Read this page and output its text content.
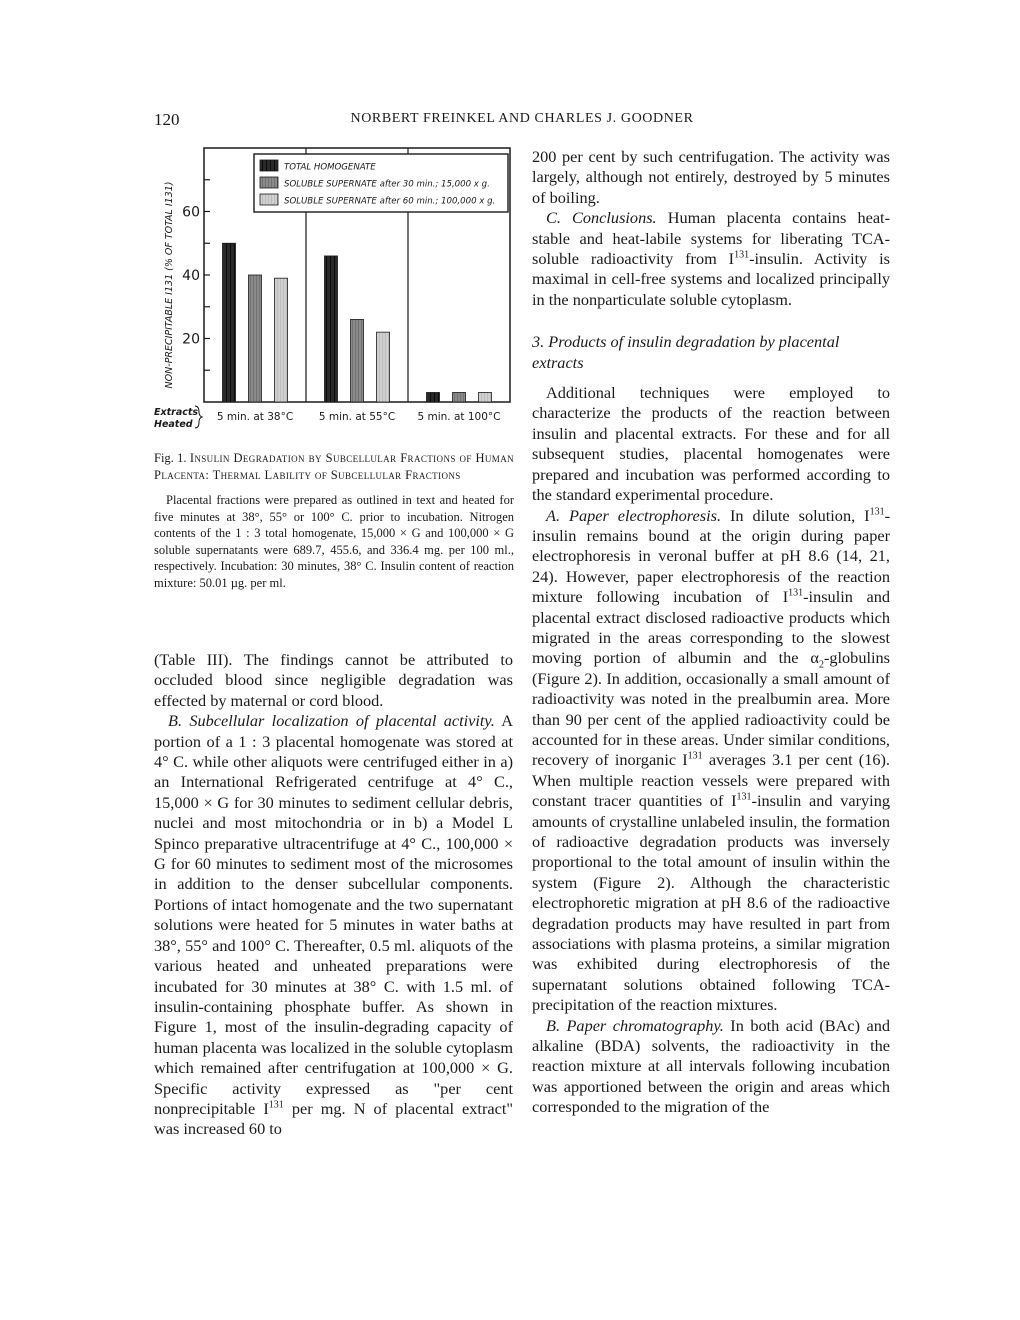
120	NORBERT FREINKEL AND CHARLES J. GOODNER
20
40
60
TOTAL HOMOGENATE
SOLUBLE SUPERNATE after 30 min.; 15,000 x g.
SOLUBLE SUPERNATE after 60 min.; 100,000 x g.
NON-PRECIPITABLE I131 (% OF TOTAL I131)
5 min. at 38°C 5 min. at 55°C 5 min. at 100°C
Extracts
Heated

Fig. 1. Insulin Degradation by Subcellular Fractions of Human Placenta: Thermal Lability of Subcellular Fractions

Placental fractions were prepared as outlined in text and heated for five minutes at 38°, 55° or 100° C. prior to incubation. Nitrogen contents of the 1 : 3 total homogenate, 15,000 × G and 100,000 × G soluble supernatants were 689.7, 455.6, and 336.4 mg. per 100 ml., respectively. Incubation: 30 minutes, 38° C. Insulin content of reaction mixture: 50.01 µg. per ml.

(Table III). The findings cannot be attributed to occluded blood since negligible degradation was effected by maternal or cord blood.

B. Subcellular localization of placental activity. A portion of a 1 : 3 placental homogenate was stored at 4° C. while other aliquots were centrifuged either in a) an International Refrigerated centrifuge at 4° C., 15,000 × G for 30 minutes to sediment cellular debris, nuclei and most mitochondria or in b) a Model L Spinco preparative ultracentrifuge at 4° C., 100,000 × G for 60 minutes to sediment most of the microsomes in addition to the denser subcellular components. Portions of intact homogenate and the two supernatant solutions were heated for 5 minutes in water baths at 38°, 55° and 100° C. Thereafter, 0.5 ml. aliquots of the various heated and unheated preparations were incubated for 30 minutes at 38° C. with 1.5 ml. of insulin-containing phosphate buffer. As shown in Figure 1, most of the insulin-degrading capacity of human placenta was localized in the soluble cytoplasm which remained after centrifugation at 100,000 × G. Specific activity expressed as "per cent nonprecipitable $I^{131}$ per mg. N of placental extract" was increased 60 to

200 per cent by such centrifugation. The activity was largely, although not entirely, destroyed by 5 minutes of boiling.

C. Conclusions. Human placenta contains heat-stable and heat-labile systems for liberating TCA-soluble radioactivity from $I^{131}$-insulin. Activity is maximal in cell-free systems and localized principally in the nonparticulate soluble cytoplasm.

3. Products of insulin degradation by placental extracts

Additional techniques were employed to characterize the products of the reaction between insulin and placental extracts. For these and for all subsequent studies, placental homogenates were prepared and incubation was performed according to the standard experimental procedure.

A. Paper electrophoresis. In dilute solution, $I^{131}$-insulin remains bound at the origin during paper electrophoresis in veronal buffer at pH 8.6 (14, 21, 24). However, paper electrophoresis of the reaction mixture following incubation of $I^{131}$-insulin and placental extract disclosed radioactive products which migrated in the areas corresponding to the slowest moving portion of albumin and the $\alpha_2$-globulins (Figure 2). In addition, occasionally a small amount of radioactivity was noted in the prealbumin area. More than 90 per cent of the applied radioactivity could be accounted for in these areas. Under similar conditions, recovery of inorganic $I^{131}$ averages 3.1 per cent (16). When multiple reaction vessels were prepared with constant tracer quantities of $I^{131}$-insulin and varying amounts of crystalline unlabeled insulin, the formation of radioactive degradation products was inversely proportional to the total amount of insulin within the system (Figure 2). Although the characteristic electrophoretic migration at pH 8.6 of the radioactive degradation products may have resulted in part from associations with plasma proteins, a similar migration was exhibited during electrophoresis of the supernatant solutions obtained following TCA-precipitation of the reaction mixtures.

B. Paper chromatography. In both acid (BAc) and alkaline (BDA) solvents, the radioactivity in the reaction mixture at all intervals following incubation was apportioned between the origin and areas which corresponded to the migration of the
